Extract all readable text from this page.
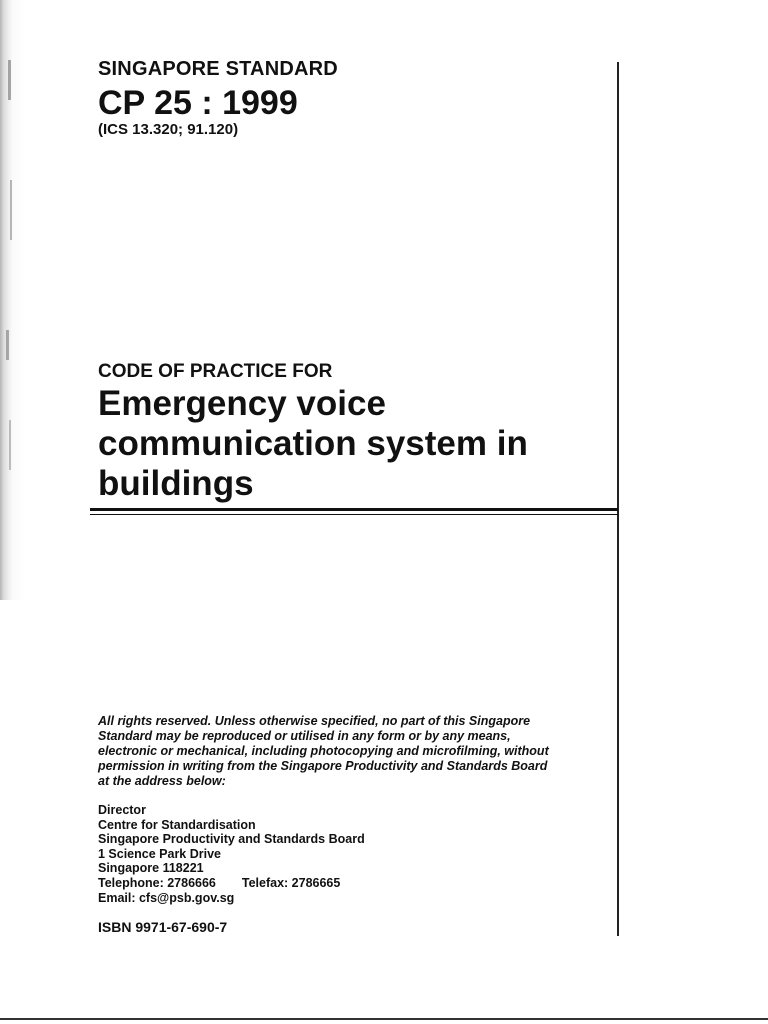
SINGAPORE STANDARD
CP 25 : 1999
(ICS 13.320; 91.120)
CODE OF PRACTICE FOR
Emergency voice
communication system in
buildings
All rights reserved. Unless otherwise specified, no part of this Singapore
Standard may be reproduced or utilised in any form or by any means,
electronic or mechanical, including photocopying and microfilming, without
permission in writing from the Singapore Productivity and Standards Board
at the address below:
Director
Centre for Standardisation
Singapore Productivity and Standards Board
1 Science Park Drive
Singapore 118221
Telephone: 2786666 Telefax: 2786665
Email: cfs@psb.gov.sg
ISBN 9971-67-690-7
